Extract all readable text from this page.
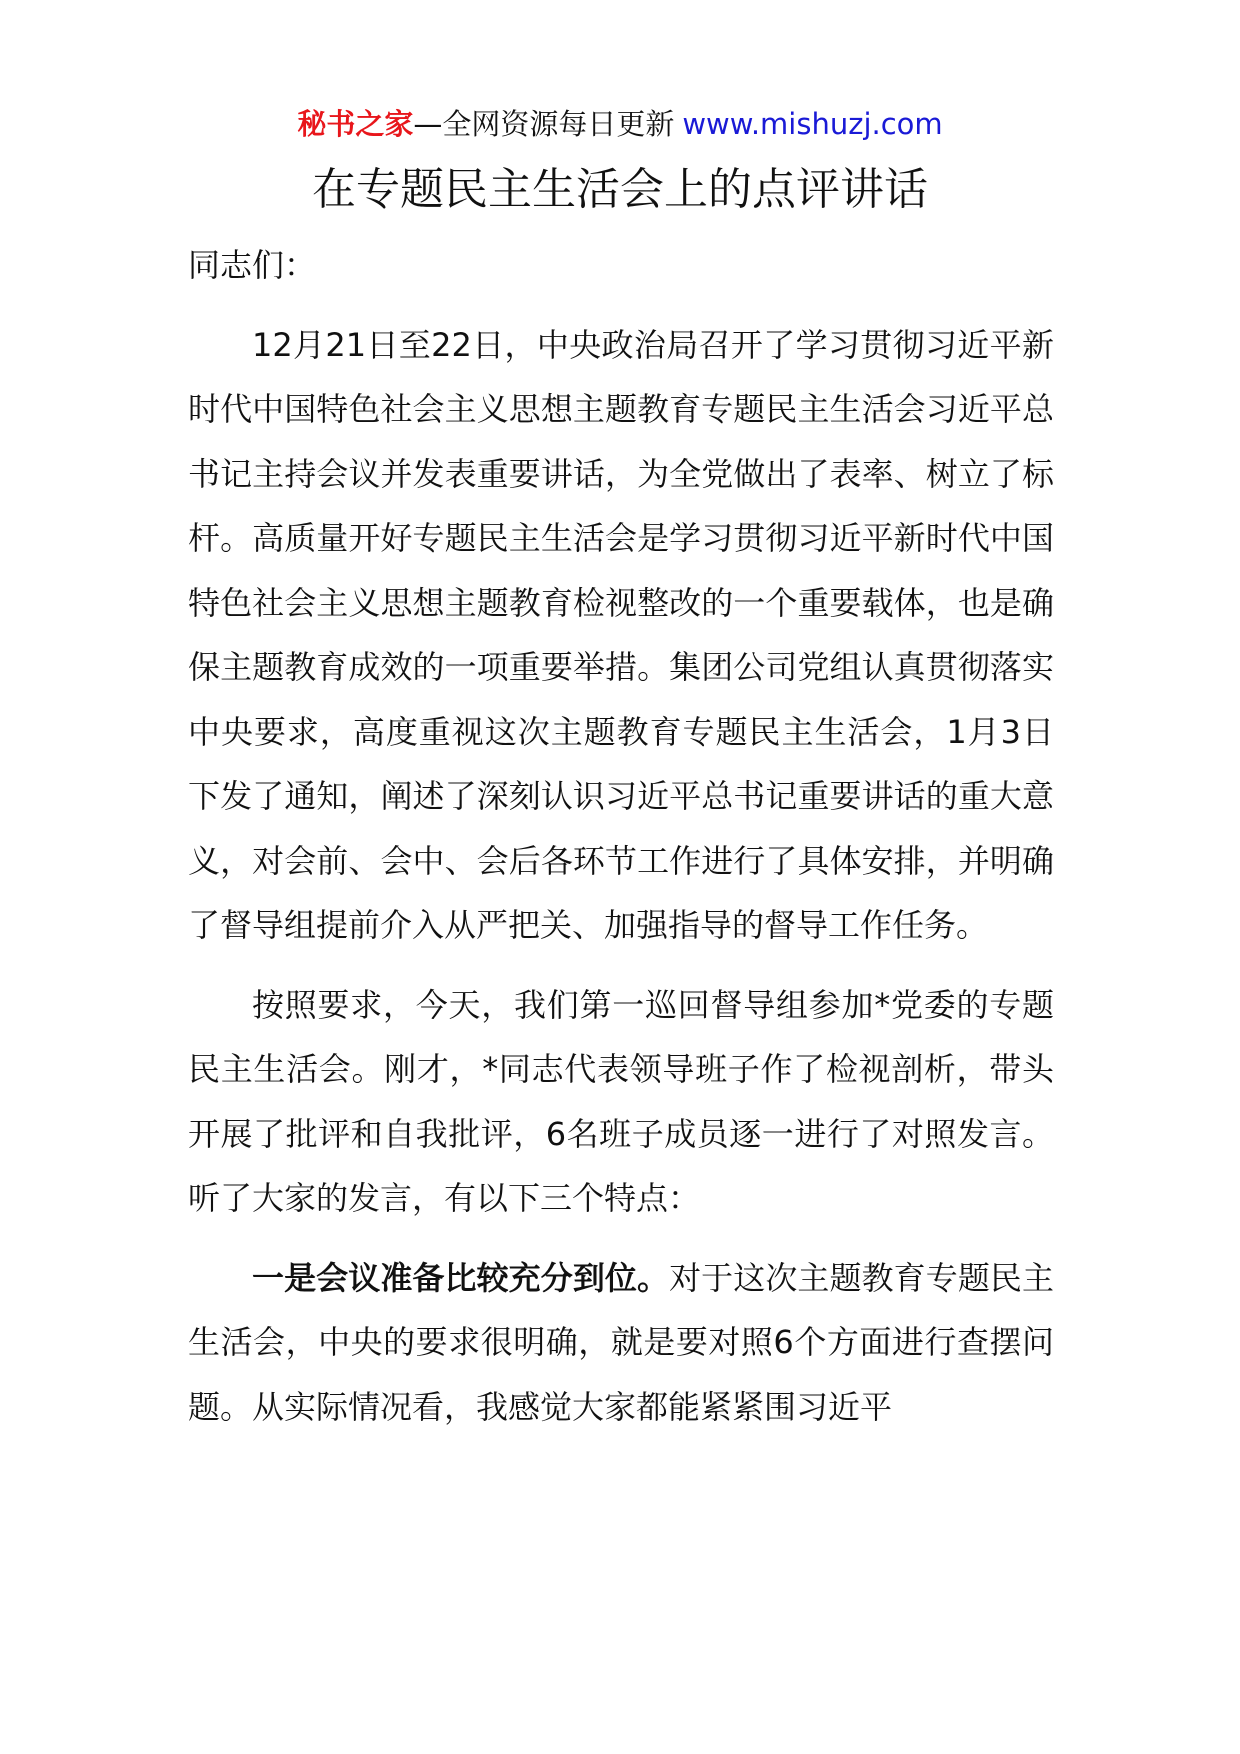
秘书之家—全网资源每日更新 www.mishuzj.com
在专题民主生活会上的点评讲话

同志们：

12月21日至22日，中央政治局召开了学习贯彻习近平新时代中国特色社会主义思想主题教育专题民主生活会习近平总书记主持会议并发表重要讲话，为全党做出了表率、树立了标杆。高质量开好专题民主生活会是学习贯彻习近平新时代中国特色社会主义思想主题教育检视整改的一个重要载体，也是确保主题教育成效的一项重要举措。集团公司党组认真贯彻落实中央要求，高度重视这次主题教育专题民主生活会，1月3日下发了通知，阐述了深刻认识习近平总书记重要讲话的重大意义，对会前、会中、会后各环节工作进行了具体安排，并明确了督导组提前介入从严把关、加强指导的督导工作任务。

按照要求，今天，我们第一巡回督导组参加*党委的专题民主生活会。刚才，*同志代表领导班子作了检视剖析，带头开展了批评和自我批评，6名班子成员逐一进行了对照发言。听了大家的发言，有以下三个特点：

一是会议准备比较充分到位。对于这次主题教育专题民主生活会，中央的要求很明确，就是要对照6个方面进行查摆问题。从实际情况看，我感觉大家都能紧紧围习近平
